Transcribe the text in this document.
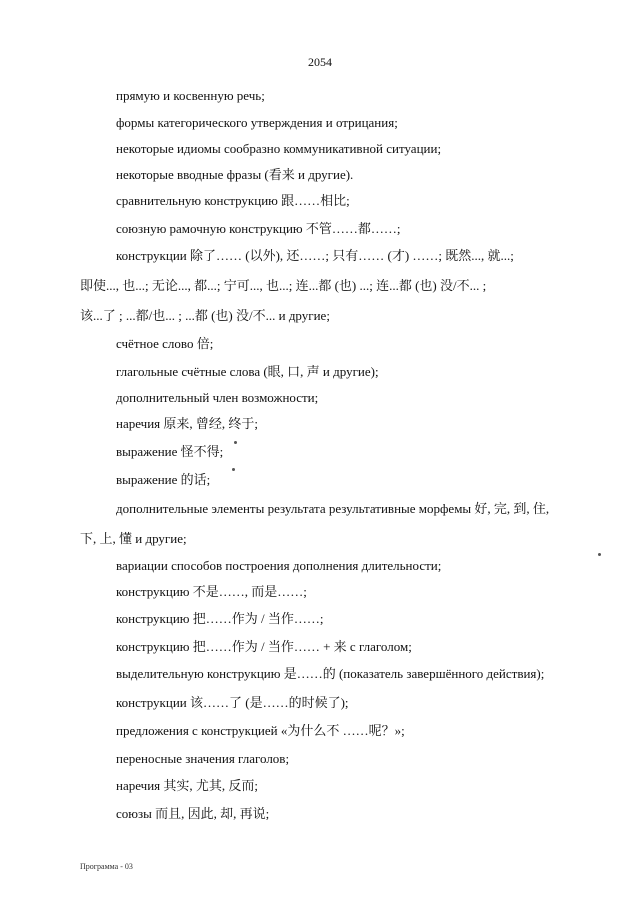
2054
прямую и косвенную речь;
формы категорического утверждения и отрицания;
некоторые идиомы сообразно коммуникативной ситуации;
некоторые вводные фразы (看来 и другие).
сравнительную конструкцию 跟……相比;
союзную рамочную конструкцию 不管……都……;
конструкции 除了…… (以外), 还……; 只有…… (才) ……; 既然..., 就...;
即使..., 也...; 无论..., 都...; 宁可..., 也...; 连...都 (也) ...; 连...都 (也) 没/不... ;
该...了 ; ...都/也... ; ...都 (也) 没/不... и другие;
счётное слово 倍;
глагольные счётные слова (眼, 口, 声 и другие);
дополнительный член возможности;
наречия 原来, 曾经, 终于;
выражение 怪不得;
выражение 的话;
дополнительные элементы результата результативные морфемы 好, 完, 到, 住,
下, 上, 懂 и другие;
вариации способов построения дополнения длительности;
конструкцию 不是……, 而是……;
конструкцию 把……作为 / 当作……;
конструкцию 把……作为 / 当作…… + 来 с глаголом;
выделительную конструкцию 是……的 (показатель завершённого действия);
конструкции 该……了 (是……的时候了);
предложения с конструкцией «为什么不 ……呢？»;
переносные значения глаголов;
наречия 其实, 尤其, 反而;
союзы 而且, 因此, 却, 再说;
Программа - 03
